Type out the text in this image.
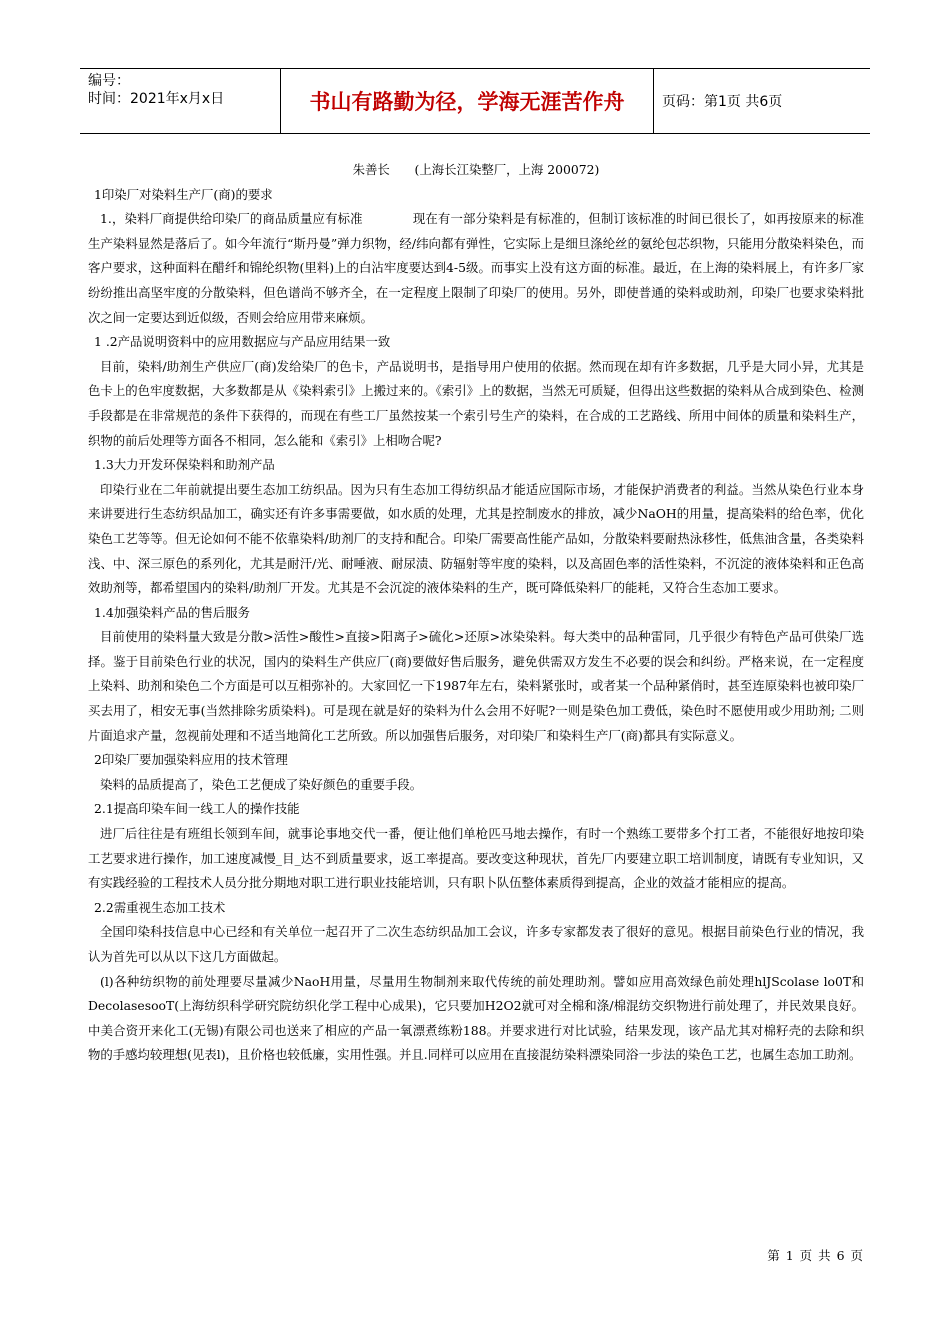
编号：
时间：2021年x月x日	书山有路勤为径，学海无涯苦作舟	页码：第1页 共6页

朱善长　　(上海长江染整厂，上海 200072)

1印染厂对染料生产厂(商)的要求

1.，染料厂商提供给印染厂的商品质量应有标准　　　　现在有一部分染料是有标准的，但制订该标准的时间已很长了，如再按原来的标准生产染料显然是落后了。如今年流行“斯丹曼”弹力织物，经/纬向都有弹性，它实际上是细旦涤纶丝的氨纶包芯织物，只能用分散染料染色，而客户要求，这种面料在醋纤和锦纶织物(里料)上的白沾牢度要达到4-5级。而事实上没有这方面的标准。最近，在上海的染料展上，有许多厂家纷纷推出高坚牢度的分散染料，但色谱尚不够齐全，在一定程度上限制了印染厂的使用。另外，即使普通的染料或助剂，印染厂也要求染料批次之间一定要达到近似级，否则会给应用带来麻烦。

1 .2产品说明资料中的应用数据应与产品应用结果一致

目前，染料/助剂生产供应厂(商)发给染厂的色卡，产品说明书，是指导用户使用的依据。然而现在却有许多数据，几乎是大同小异，尤其是色卡上的色牢度数据，大多数都是从《染料索引》上搬过来的。《索引》上的数据，当然无可质疑，但得出这些数据的染料从合成到染色、检测手段都是在非常规范的条件下获得的，而现在有些工厂虽然按某一个索引号生产的染料，在合成的工艺路线、所用中间体的质量和染料生产，织物的前后处理等方面各不相同，怎么能和《索引》上相吻合呢?

1.3大力开发环保染料和助剂产品

印染行业在二年前就提出要生态加工纺织品。因为只有生态加工得纺织品才能适应国际市场，才能保护消费者的利益。当然从染色行业本身来讲要进行生态纺织品加工，确实还有许多事需要做，如水质的处理，尤其是控制废水的排放，减少NaOH的用量，提高染料的给色率，优化染色工艺等等。但无论如何不能不依靠染料/助剂厂的支持和配合。印染厂需要高性能产品如，分散染料要耐热泳移性，低焦油含量，各类染料浅、中、深三原色的系列化，尤其是耐汗/光、耐唾液、耐尿渍、防辐射等牢度的染料，以及高固色率的活性染料，不沉淀的液体染料和正色高效助剂等，都希望国内的染料/助剂厂开发。尤其是不会沉淀的液体染料的生产，既可降低染料厂的能耗，又符合生态加工要求。

1.4加强染料产品的售后服务

目前使用的染料量大致是分散>活性>酸性>直接>阳离子>硫化>还原>冰染染料。每大类中的品种雷同，几乎很少有特色产品可供染厂选择。鉴于目前染色行业的状况，国内的染料生产供应厂(商)要做好售后服务，避免供需双方发生不必要的误会和纠纷。严格来说，在一定程度上染料、助剂和染色二个方面是可以互相弥补的。大家回忆一下1987年左右，染料紧张时，或者某一个品种紧俏时，甚至连原染料也被印染厂买去用了，相安无事(当然排除劣质染料)。可是现在就是好的染料为什么会用不好呢?一则是染色加工费低，染色时不愿使用或少用助剂; 二则片面追求产量，忽视前处理和不适当地简化工艺所致。所以加强售后服务，对印染厂和染料生产厂(商)都具有实际意义。

2印染厂要加强染料应用的技术管理

染料的品质提高了，染色工艺便成了染好颜色的重要手段。

2.1提高印染车间一线工人的操作技能

进厂后往往是有班组长领到车间，就事论事地交代一番，便让他们单枪匹马地去操作，有时一个熟练工要带多个打工者，不能很好地按印染工艺要求进行操作，加工速度减慢_目_达不到质量要求，返工率提高。要改变这种现状，首先厂内要建立职工培训制度，请既有专业知识，又有实践经验的工程技术人员分批分期地对职工进行职业技能培训，只有职卜队伍整体素质得到提高，企业的效益才能相应的提高。

2.2需重视生态加工技术

全国印染科技信息中心已经和有关单位一起召开了二次生态纺织品加工会议，许多专家都发表了很好的意见。根据目前染色行业的情况，我认为首先可以从以下这几方面做起。

(l)各种纺织物的前处理要尽量减少NaoH用量，尽量用生物制剂来取代传统的前处理助剂。譬如应用高效绿色前处理hlJScolase lo0T和DecolasesooT(上海纺织科学研究院纺织化学工程中心成果)，它只要加H2O2就可对全棉和涤/棉混纺交织物进行前处理了，并民效果良好。中美合资开来化工(无锡)有限公司也送来了相应的产品一氧漂煮练粉188。并要求进行对比试验，结果发现，该产品尤其对棉籽壳的去除和织物的手感均较理想(见表l)，且价格也较低廉，实用性强。并且.同样可以应用在直接混纺染料漂染同浴一步法的染色工艺，也属生态加工助剂。

第 1 页 共 6 页
